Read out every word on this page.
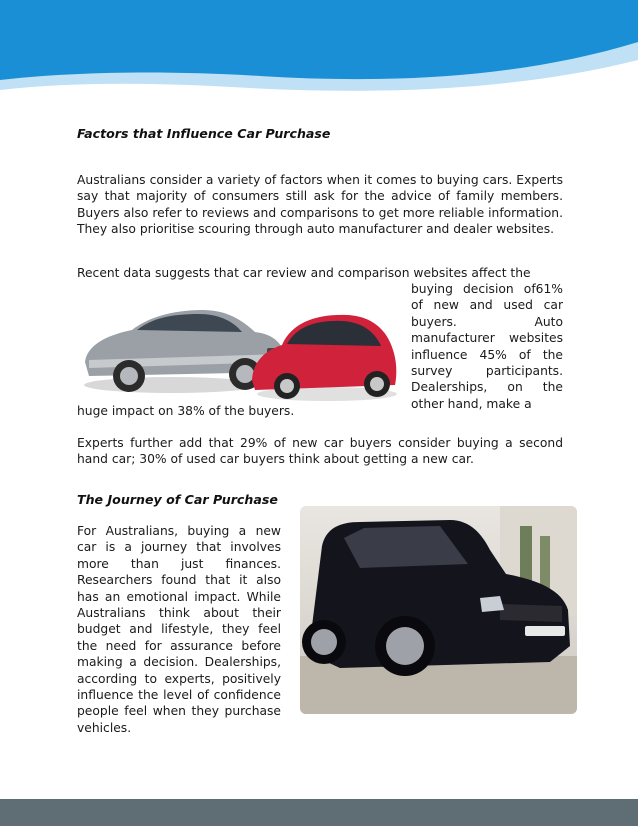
Factors that Influence Car Purchase

Australians consider a variety of factors when it comes to buying cars. Experts say that majority of consumers still ask for the advice of family members. Buyers also refer to reviews and comparisons to get more reliable information. They also prioritise scouring through auto manufacturer and dealer websites.

Recent data suggests that car review and comparison websites affect the

buying decision of61% of new and used car buyers. Auto manufacturer websites influence 45% of the survey participants. Dealerships, on the other hand, make a

huge impact on 38% of the buyers.

Experts further add that 29% of new car buyers consider buying a second hand car; 30% of used car buyers think about getting a new car.

The Journey of Car Purchase

For Australians, buying a new car is a journey that involves more than just finances. Researchers found that it also has an emotional impact. While Australians think about their budget and lifestyle, they feel the need for assurance before making a decision. Dealerships, according to experts, positively influence the level of confidence people feel when they purchase vehicles.
